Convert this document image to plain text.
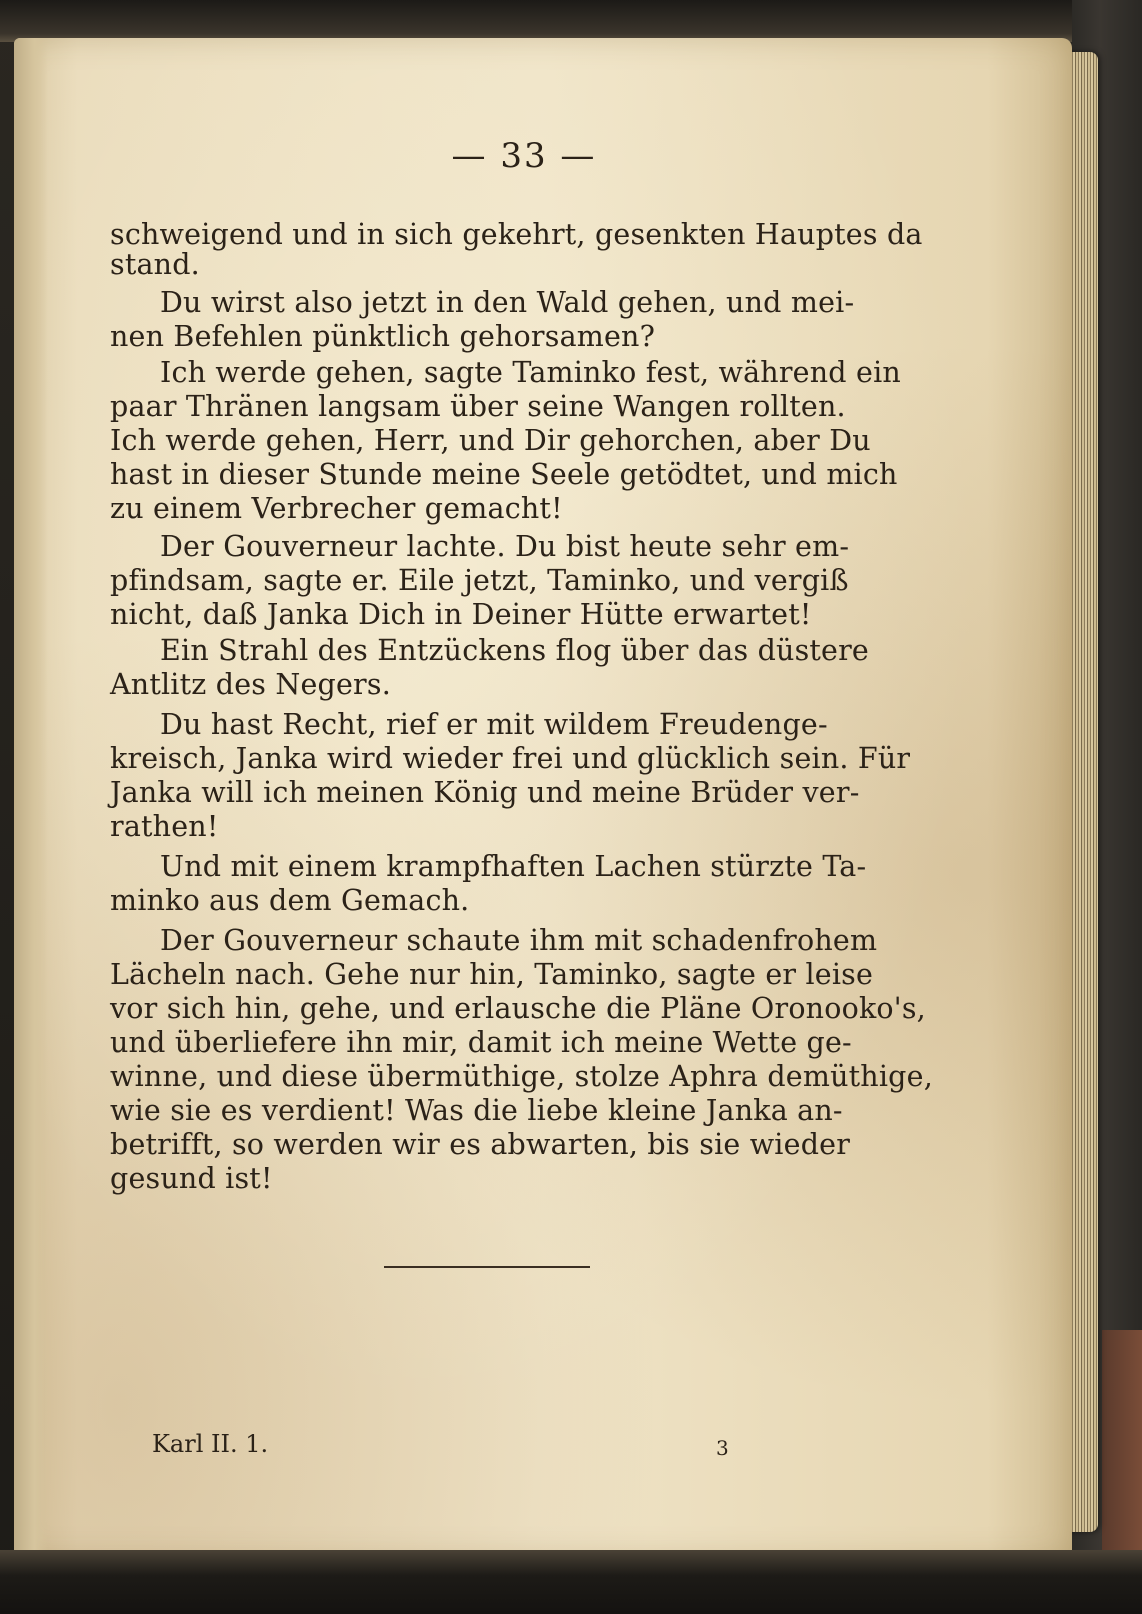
— 33 —
schweigend und in sich gekehrt, gesenkten Hauptes da
stand.
Du wirst also jetzt in den Wald gehen, und mei-
nen Befehlen pünktlich gehorsamen?
Ich werde gehen, sagte Taminko fest, während ein
paar Thränen langsam über seine Wangen rollten.
Ich werde gehen, Herr, und Dir gehorchen, aber Du
hast in dieser Stunde meine Seele getödtet, und mich
zu einem Verbrecher gemacht!
Der Gouverneur lachte. Du bist heute sehr em-
pfindsam, sagte er. Eile jetzt, Taminko, und vergiß
nicht, daß Janka Dich in Deiner Hütte erwartet!
Ein Strahl des Entzückens flog über das düstere
Antlitz des Negers.
Du hast Recht, rief er mit wildem Freudenge-
kreisch, Janka wird wieder frei und glücklich sein. Für
Janka will ich meinen König und meine Brüder ver-
rathen!
Und mit einem krampfhaften Lachen stürzte Ta-
minko aus dem Gemach.
Der Gouverneur schaute ihm mit schadenfrohem
Lächeln nach. Gehe nur hin, Taminko, sagte er leise
vor sich hin, gehe, und erlausche die Pläne Oronooko's,
und überliefere ihn mir, damit ich meine Wette ge-
winne, und diese übermüthige, stolze Aphra demüthige,
wie sie es verdient! Was die liebe kleine Janka an-
betrifft, so werden wir es abwarten, bis sie wieder
gesund ist!
Karl II. 1.	3
